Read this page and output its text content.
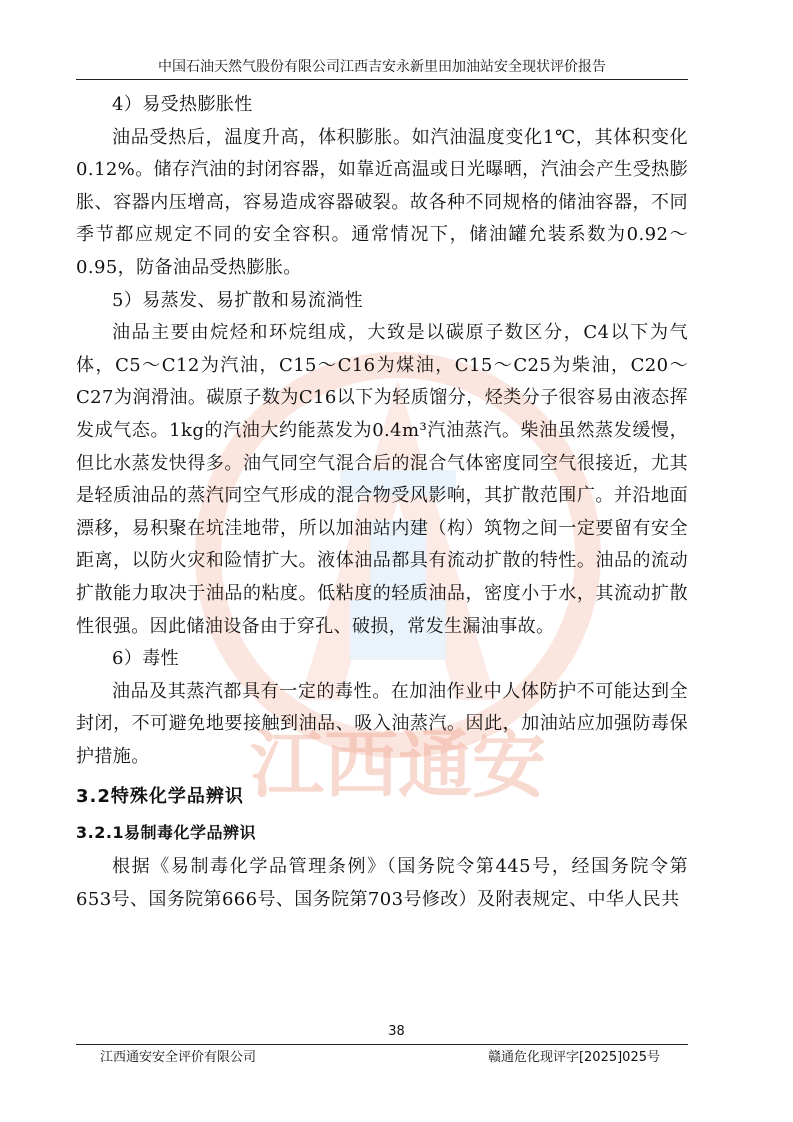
江西通安
中国石油天然气股份有限公司江西吉安永新里田加油站安全现状评价报告

4）易受热膨胀性

油品受热后，温度升高，体积膨胀。如汽油温度变化1℃，其体积变化0.12%。储存汽油的封闭容器，如靠近高温或日光曝晒，汽油会产生受热膨胀、容器内压增高，容易造成容器破裂。故各种不同规格的储油容器，不同季节都应规定不同的安全容积。通常情况下，储油罐允装系数为0.92～0.95，防备油品受热膨胀。

5）易蒸发、易扩散和易流淌性

油品主要由烷烃和环烷组成，大致是以碳原子数区分，C4以下为气体，C5～C12为汽油，C15～C16为煤油，C15～C25为柴油，C20～C27为润滑油。碳原子数为C16以下为轻质馏分，烃类分子很容易由液态挥发成气态。1kg的汽油大约能蒸发为0.4m³汽油蒸汽。柴油虽然蒸发缓慢，但比水蒸发快得多。油气同空气混合后的混合气体密度同空气很接近，尤其是轻质油品的蒸汽同空气形成的混合物受风影响，其扩散范围广。并沿地面漂移，易积聚在坑洼地带，所以加油站内建（构）筑物之间一定要留有安全距离，以防火灾和险情扩大。液体油品都具有流动扩散的特性。油品的流动扩散能力取决于油品的粘度。低粘度的轻质油品，密度小于水，其流动扩散性很强。因此储油设备由于穿孔、破损，常发生漏油事故。

6）毒性

油品及其蒸汽都具有一定的毒性。在加油作业中人体防护不可能达到全封闭，不可避免地要接触到油品、吸入油蒸汽。因此，加油站应加强防毒保护措施。

3.2特殊化学品辨识
3.2.1易制毒化学品辨识

根据《易制毒化学品管理条例》（国务院令第445号，经国务院令第653号、国务院第666号、国务院第703号修改）及附表规定、中华人民共

38
江西通安安全评价有限公司	赣通危化现评字[2025]025号
